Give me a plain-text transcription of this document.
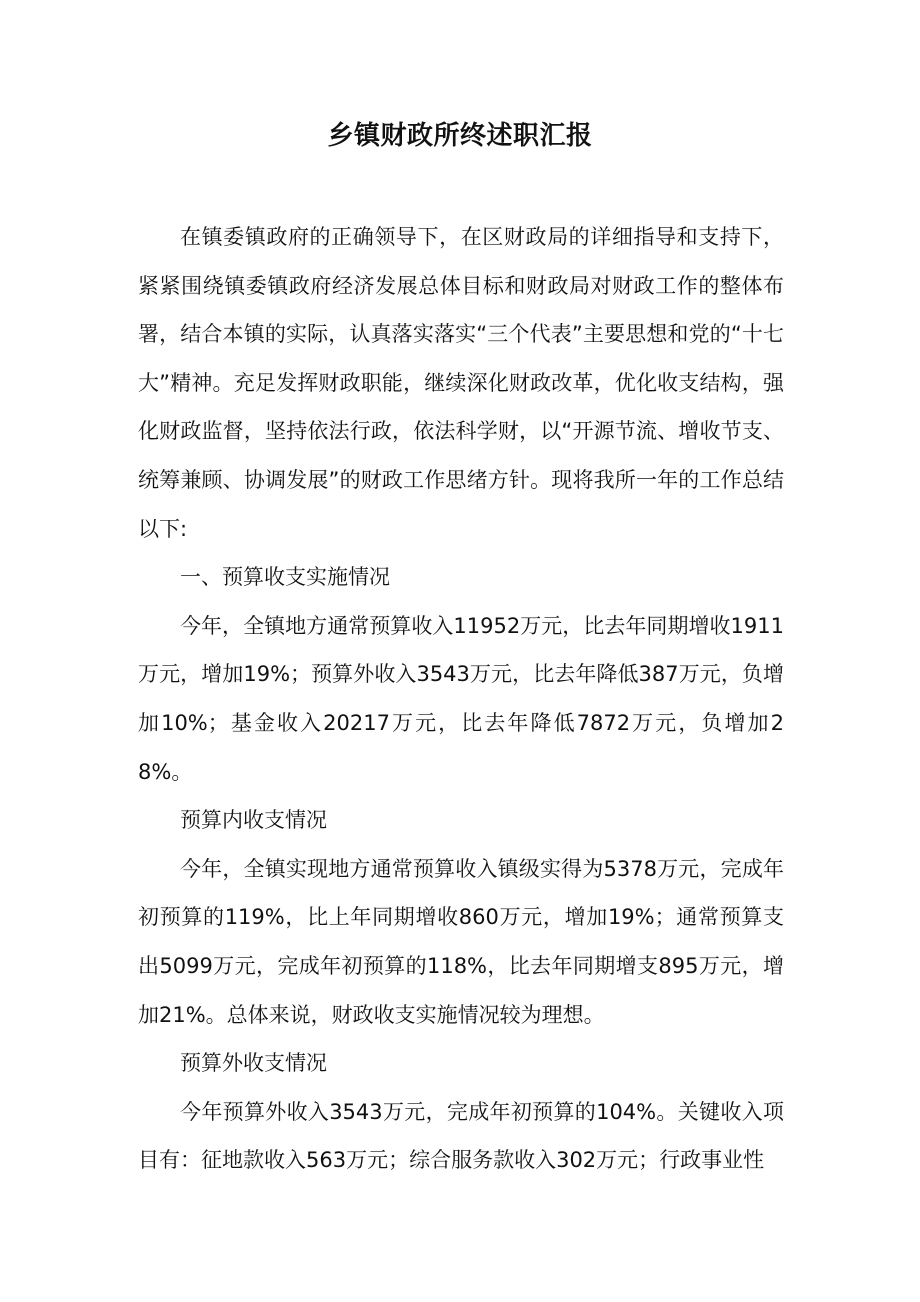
乡镇财政所终述职汇报

在镇委镇政府的正确领导下，在区财政局的详细指导和支持下，紧紧围绕镇委镇政府经济发展总体目标和财政局对财政工作的整体布署，结合本镇的实际，认真落实落实“三个代表”主要思想和党的“十七大”精神。充足发挥财政职能，继续深化财政改革，优化收支结构，强化财政监督，坚持依法行政，依法科学财，以“开源节流、增收节支、统筹兼顾、协调发展”的财政工作思绪方针。现将我所一年的工作总结以下:

一、预算收支实施情况

今年，全镇地方通常预算收入11952万元，比去年同期增收1911万元，增加19%；预算外收入3543万元，比去年降低387万元，负增加10%；基金收入20217万元，比去年降低7872万元，负增加28%。

预算内收支情况

今年，全镇实现地方通常预算收入镇级实得为5378万元，完成年初预算的119%，比上年同期增收860万元，增加19%；通常预算支出5099万元，完成年初预算的118%，比去年同期增支895万元，增加21%。总体来说，财政收支实施情况较为理想。

预算外收支情况

今年预算外收入3543万元，完成年初预算的104%。关键收入项目有：征地款收入563万元；综合服务款收入302万元；行政事业性
